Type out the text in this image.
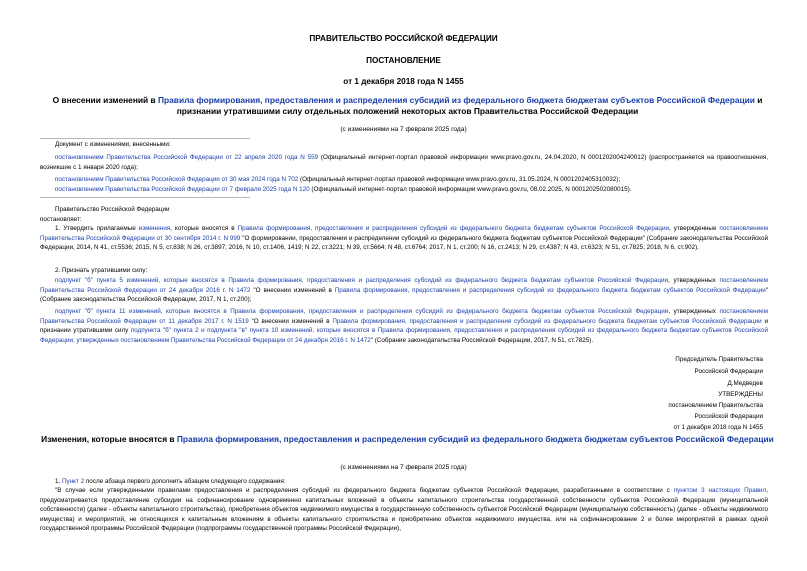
ПРАВИТЕЛЬСТВО РОССИЙСКОЙ ФЕДЕРАЦИИ
ПОСТАНОВЛЕНИЕ
от 1 декабря 2018 года N 1455
О внесении изменений в Правила формирования, предоставления и распределения субсидий из федерального бюджета бюджетам субъектов Российской Федерации и признании утратившими силу отдельных положений некоторых актов Правительства Российской Федерации
(с изменениями на 7 февраля 2025 года)
Документ с изменениями, внесенными:
постановлением Правительства Российской Федерации от 22 апреля 2020 года N 559 (Официальный интернет-портал правовой информации www.pravo.gov.ru, 24.04.2020, N 0001202004240012) (распространяется на правоотношения, возникшие с 1 января 2020 года);
постановлением Правительства Российской Федерации от 30 мая 2024 года N 702 (Официальный интернет-портал правовой информации www.pravo.gov.ru, 31.05.2024, N 0001202405310032);
постановлением Правительства Российской Федерации от 7 февраля 2025 года N 120 (Официальный интернет-портал правовой информации www.pravo.gov.ru, 08.02.2025, N 0001202502080015).
Правительство Российской Федерации
постановляет:
1. Утвердить прилагаемые изменения, которые вносятся в Правила формирования, предоставления и распределения субсидий из федерального бюджета бюджетам субъектов Российской Федерации, утвержденные постановлением Правительства Российской Федерации от 30 сентября 2014 г. N 999 "О формировании, предоставлении и распределении субсидий из федерального бюджета бюджетам субъектов Российской Федерации" (Собрание законодательства Российской Федерации, 2014, N 41, ст.5536; 2015, N 5, ст.838; N 26, ст.3897; 2016, N 10, ст.1406, 1419; N 22, ст.3221; N 39, ст.5664; N 48, ст.6764; 2017, N 1, ст.200; N 16, ст.2413; N 29, ст.4387; N 43, ст.6323; N 51, ст.7825; 2018, N 6, ст.902).
2. Признать утратившими силу:
подпункт "б" пункта 5 изменений, которые вносятся в Правила формирования, предоставления и распределения субсидий из федерального бюджета бюджетам субъектов Российской Федерации, утвержденных постановлением Правительства Российской Федерации от 24 декабря 2016 г. N 1472 "О внесении изменений в Правила формирования, предоставления и распределения субсидий из федерального бюджета бюджетам субъектов Российской Федерации" (Собрание законодательства Российской Федерации, 2017, N 1, ст.200);
подпункт "б" пункта 11 изменений, которые вносятся в Правила формирования, предоставления и распределения субсидий из федерального бюджета бюджетам субъектов Российской Федерации, утвержденных постановлением Правительства Российской Федерации от 11 декабря 2017 г. N 1519 "О внесении изменений в Правила формирования, предоставления и распределения субсидий из федерального бюджета бюджетам субъектов Российской Федерации и признании утратившими силу подпункта "б" пункта 2 и подпункта "в" пункта 10 изменений, которые вносятся в Правила формирования, предоставления и распределения субсидий из федерального бюджета бюджетам субъектов Российской Федерации, утвержденных постановлением Правительства Российской Федерации от 24 декабря 2016 г. N 1472" (Собрание законодательства Российской Федерации, 2017, N 51, ст.7825).
Председатель Правительства
Российской Федерации
Д.Медведев
УТВЕРЖДЕНЫ
постановлением Правительства
Российской Федерации
от 1 декабря 2018 года N 1455
Изменения, которые вносятся в Правила формирования, предоставления и распределения субсидий из федерального бюджета бюджетам субъектов Российской Федерации
(с изменениями на 7 февраля 2025 года)
1. Пункт 2 после абзаца первого дополнить абзацем следующего содержания:
"В случае если утвержденными правилами предоставления и распределения субсидий из федерального бюджета бюджетам субъектов Российской Федерации, разработанными в соответствии с пунктом 3 настоящих Правил, предусматривается предоставление субсидии на софинансирование одновременно капитальных вложений в объекты капитального строительства государственной собственности субъектов Российской Федерации (муниципальной собственности) (далее - объекты капитального строительства), приобретения объектов недвижимого имущества в государственную собственность субъектов Российской Федерации (муниципальную собственность) (далее - объекты недвижимого имущества) и мероприятий, не относящихся к капитальным вложениям в объекты капитального строительства и приобретению объектов недвижимого имущества, или на софинансирование 2 и более мероприятий в рамках одной государственной программы Российской Федерации (подпрограммы государственной программы Российской Федерации),
